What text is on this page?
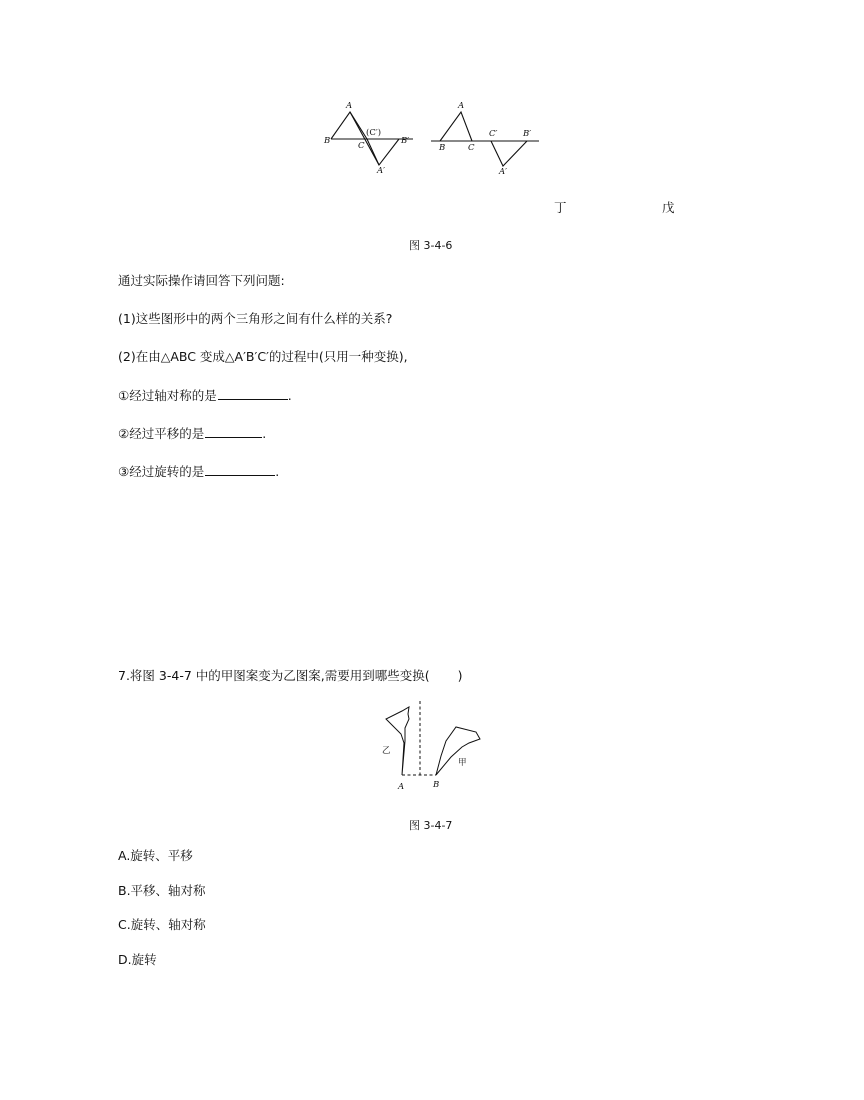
A
B	C
(C′)
B′
A′
A
B	C
C′	B′
A′
丁	戊
图 3-4-6
通过实际操作请回答下列问题:
(1)这些图形中的两个三角形之间有什么样的关系?
(2)在由△ABC 变成△A′B′C′的过程中(只用一种变换),
①经过轴对称的是	.
②经过平移的是	.
③经过旋转的是	.
7.将图 3-4-7 中的甲图案变为乙图案,需要用到哪些变换( )
乙
甲
A	B
图 3-4-7
A.旋转、平移
B.平移、轴对称
C.旋转、轴对称
D.旋转
